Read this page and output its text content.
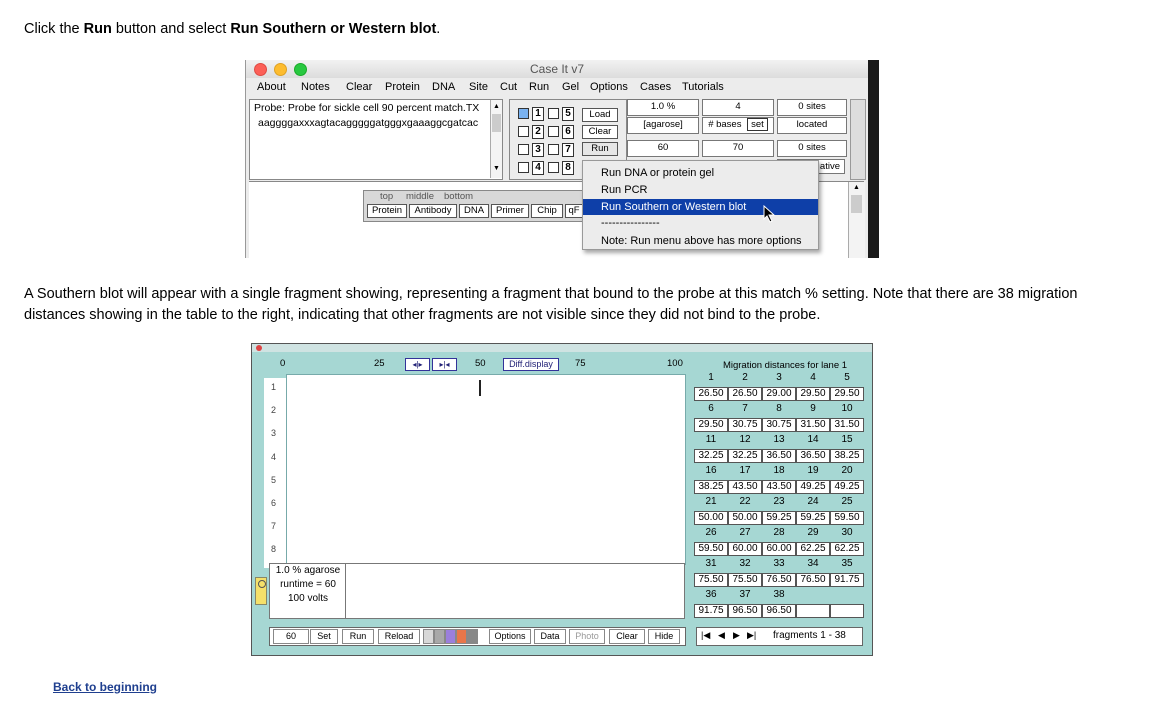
Click the Run button and select Run Southern or Western blot.
Case It v7
About Notes Clear Protein DNA Site Cut Run Gel Options Cases Tutorials
Probe: Probe for sickle cell 90 percent match.TX
aaggggaxxxagtacagggggatgggxgaaaggcgatcac
▲
▼
1	5
2	6
3	7
4	8
Load
Clear
Run
1.0 %
[agarose]
60
4
# bases set
70
0 sites
located
0 sites
ative
▲
top middle bottom
Protein	Antibody	DNA	Primer	Chip	qF
Run DNA or protein gel
Run PCR
Run Southern or Western blot
----------------
Note: Run menu above has more options
A Southern blot will appear with a single fragment showing, representing a fragment that bound to the probe at this match % setting. Note that there are 38 migration distances showing in the table to the right, indicating that other fragments are not visible since they did not bind to the probe.
0	25	◂|▸	▸|◂	50	Diff.display	75	100
1
2
3
4
5
6
7
8
1.0 % agarose
runtime = 60
100 volts
60	Set	Run	Reload	Options	Data	Photo	Clear	Hide
Migration distances for lane 1
1	2	3	4	5
26.50 26.50 29.00 29.50 29.50
6	7	8	9	10
29.50 30.75 30.75 31.50 31.50
11	12	13	14	15
32.25 32.25 36.50 36.50 38.25
16	17	18	19	20
38.25 43.50 43.50 49.25 49.25
21	22	23	24	25
50.00 50.00 59.25 59.25 59.50
26	27	28	29	30
59.50 60.00 60.00 62.25 62.25
31	32	33	34	35
75.50 75.50 76.50 76.50 91.75
36	37	38
91.75 96.50 96.50
|◀ ◀ ▶ ▶| fragments 1 - 38
Back to beginning
